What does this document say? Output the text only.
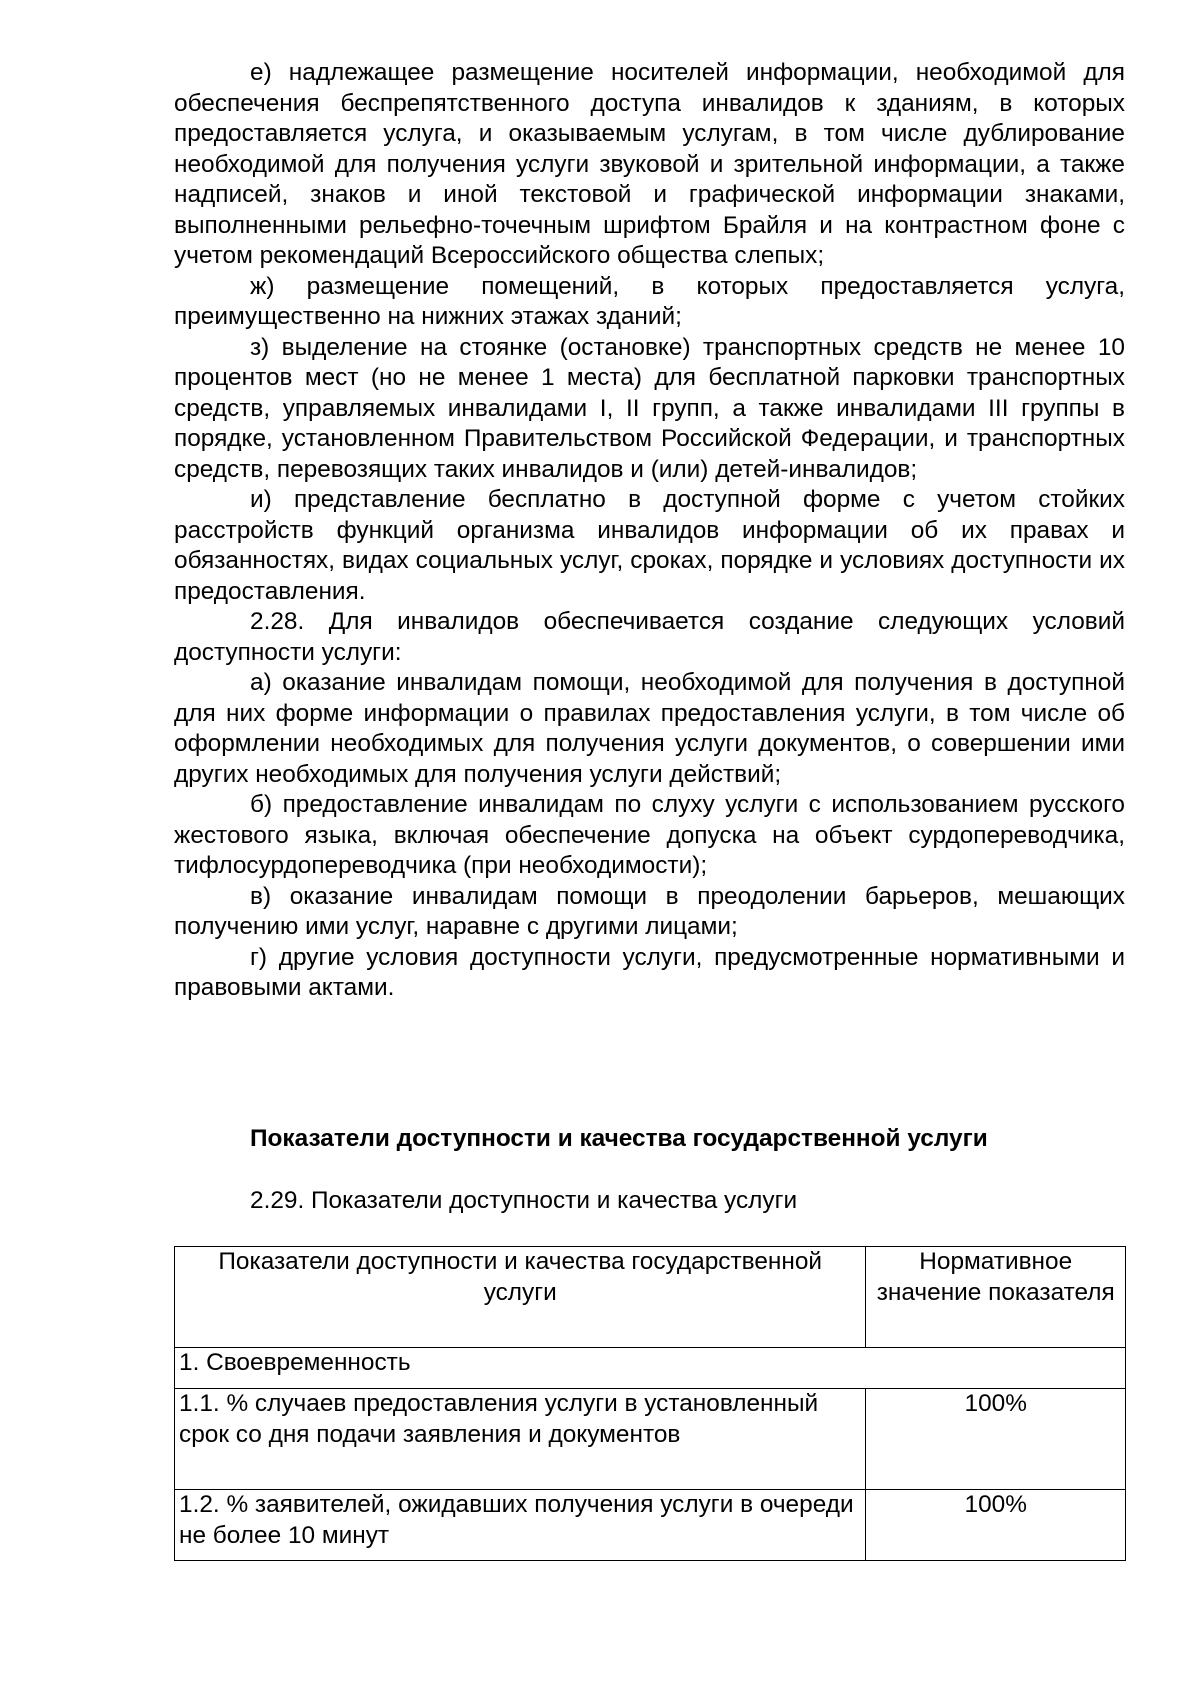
е) надлежащее размещение носителей информации, необходимой для обеспечения беспрепятственного доступа инвалидов к зданиям, в которых предоставляется услуга, и оказываемым услугам, в том числе дублирование необходимой для получения услуги звуковой и зрительной информации, а также надписей, знаков и иной текстовой и графической информации знаками, выполненными рельефно-точечным шрифтом Брайля и на контрастном фоне с учетом рекомендаций Всероссийского общества слепых;

ж) размещение помещений, в которых предоставляется услуга, преимущественно на нижних этажах зданий;

з) выделение на стоянке (остановке) транспортных средств не менее 10 процентов мест (но не менее 1 места) для бесплатной парковки транспортных средств, управляемых инвалидами I, II групп, а также инвалидами III группы в порядке, установленном Правительством Российской Федерации, и транспортных средств, перевозящих таких инвалидов и (или) детей-инвалидов;

и) представление бесплатно в доступной форме с учетом стойких расстройств функций организма инвалидов информации об их правах и обязанностях, видах социальных услуг, сроках, порядке и условиях доступности их предоставления.

2.28. Для инвалидов обеспечивается создание следующих условий доступности услуги:

а) оказание инвалидам помощи, необходимой для получения в доступной для них форме информации о правилах предоставления услуги, в том числе об оформлении необходимых для получения услуги документов, о совершении ими других необходимых для получения услуги действий;

б) предоставление инвалидам по слуху услуги с использованием русского жестового языка, включая обеспечение допуска на объект сурдопереводчика, тифлосурдопереводчика (при необходимости);

в) оказание инвалидам помощи в преодолении барьеров, мешающих получению ими услуг, наравне с другими лицами;

г) другие условия доступности услуги, предусмотренные нормативными и правовыми актами.

Показатели доступности и качества государственной услуги

2.29. Показатели доступности и качества услуги

Показатели доступности и качества государственной услуги	Нормативное значение показателя
1. Своевременность	
1.1. % случаев предоставления услуги в установленный срок со дня подачи заявления и документов	100%
1.2. % заявителей, ожидавших получения услуги в очереди не более 10 минут	100%
